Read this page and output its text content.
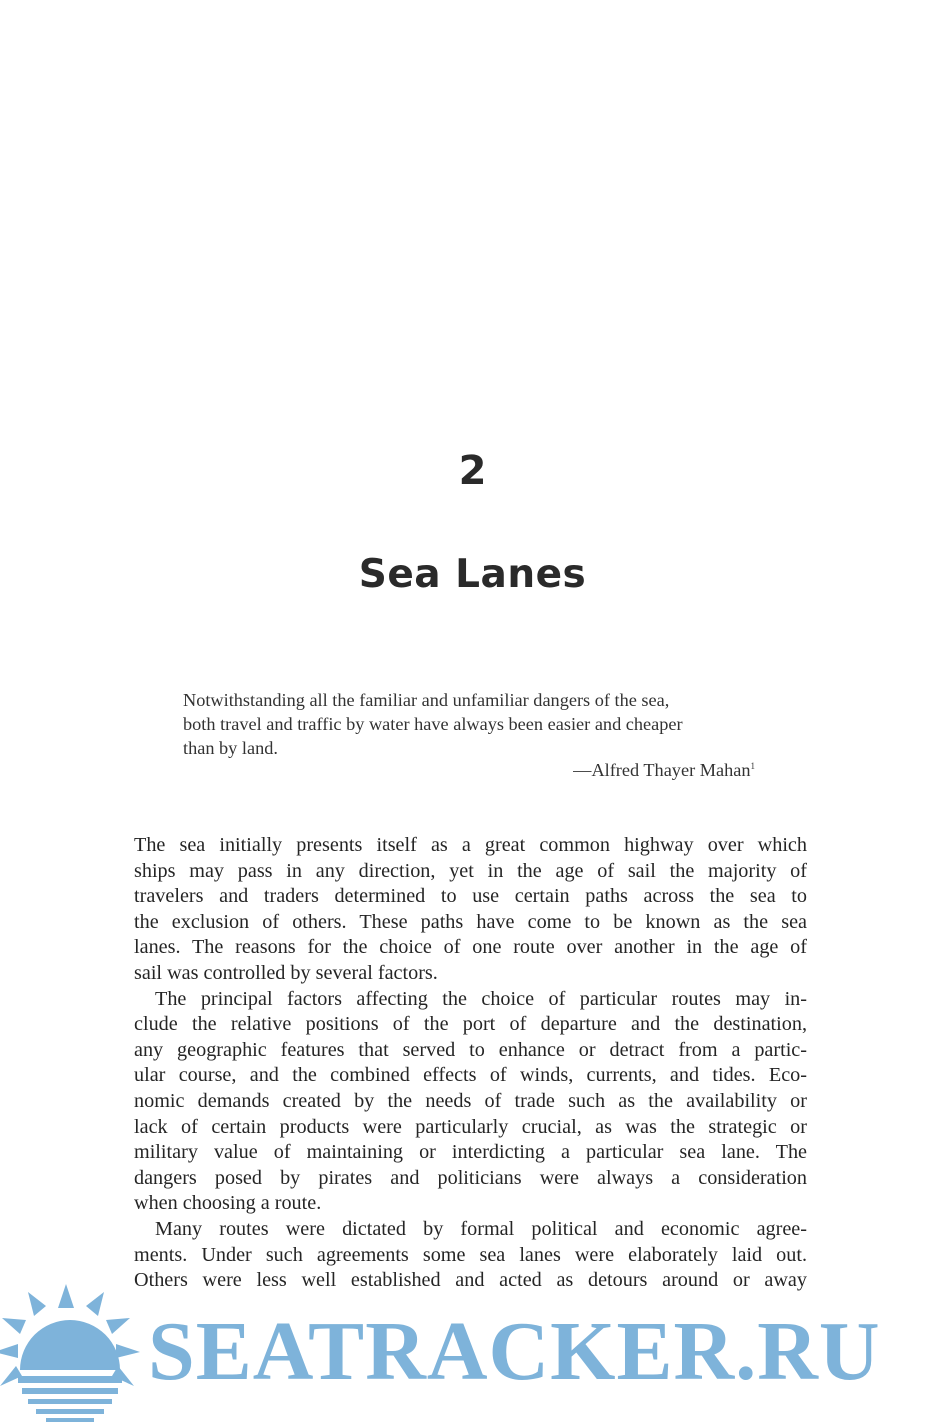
2
Sea Lanes
Notwithstanding all the familiar and unfamiliar dangers of the sea,
both travel and traffic by water have always been easier and cheaper
than by land.
—Alfred Thayer Mahan$^1$
The sea initially presents itself as a great common highway over which
ships may pass in any direction, yet in the age of sail the majority of
travelers and traders determined to use certain paths across the sea to
the exclusion of others. These paths have come to be known as the sea
lanes. The reasons for the choice of one route over another in the age of
sail was controlled by several factors.
The principal factors affecting the choice of particular routes may in-
clude the relative positions of the port of departure and the destination,
any geographic features that served to enhance or detract from a partic-
ular course, and the combined effects of winds, currents, and tides. Eco-
nomic demands created by the needs of trade such as the availability or
lack of certain products were particularly crucial, as was the strategic or
military value of maintaining or interdicting a particular sea lane. The
dangers posed by pirates and politicians were always a consideration
when choosing a route.
Many routes were dictated by formal political and economic agree-
ments. Under such agreements some sea lanes were elaborately laid out.
Others were less well established and acted as detours around or away
SEATRACKER.RU
